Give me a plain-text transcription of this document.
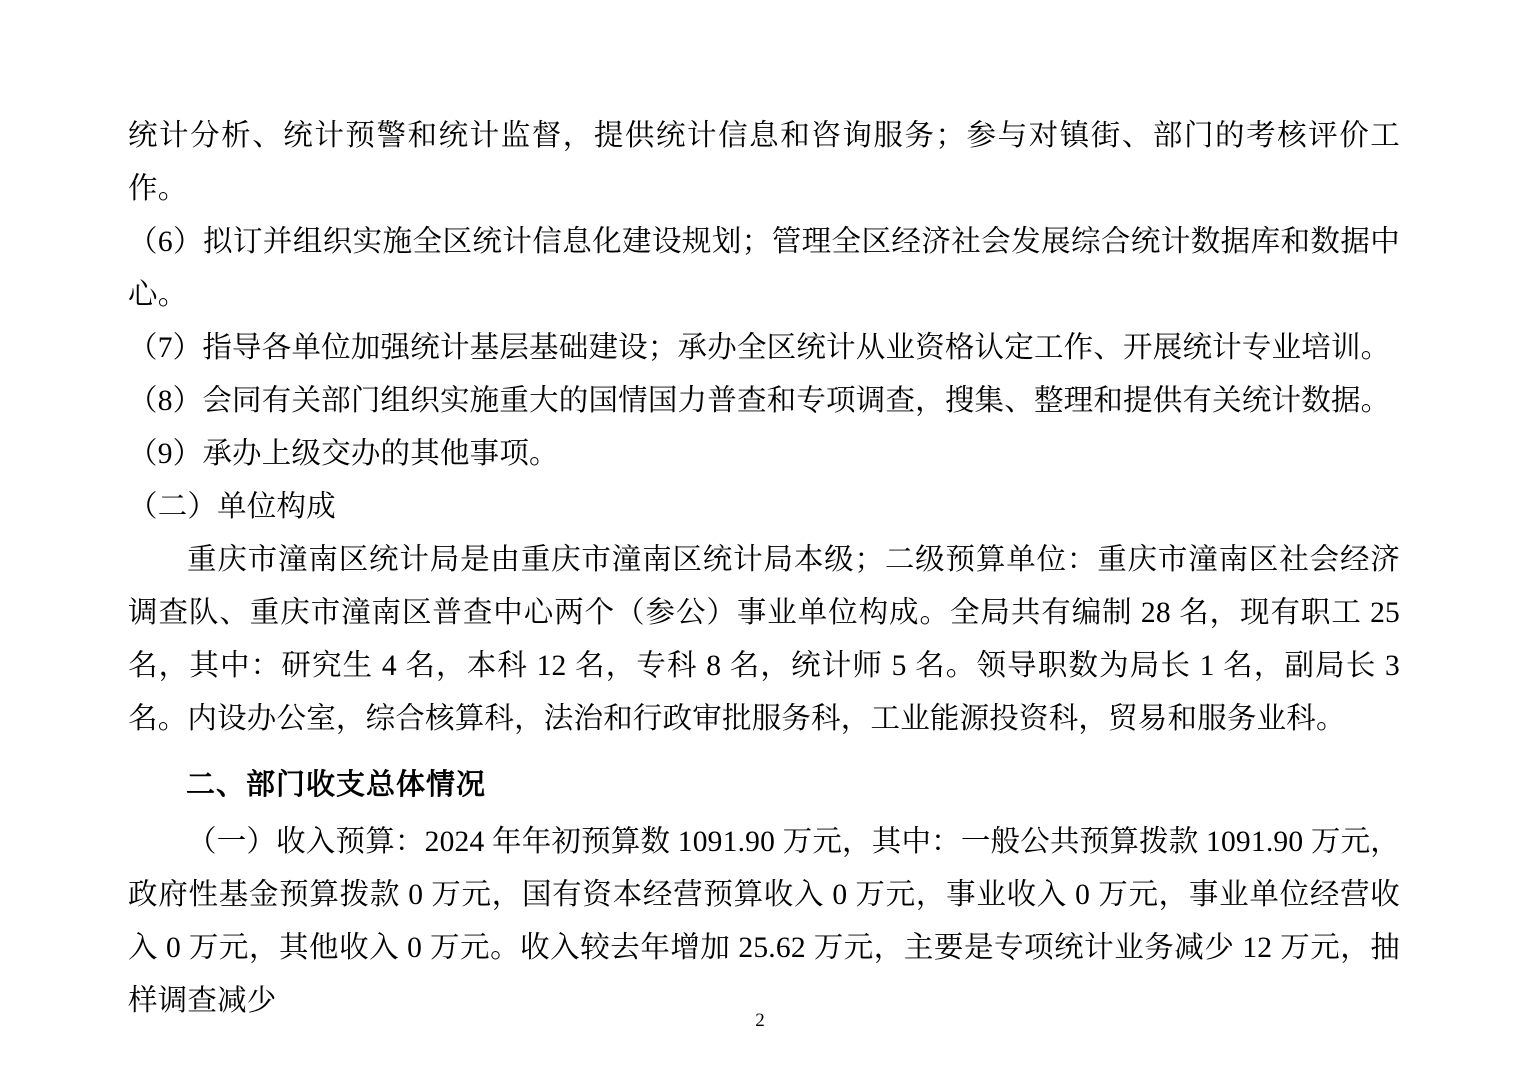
统计分析、统计预警和统计监督，提供统计信息和咨询服务；参与对镇街、部门的考核评价工作。

（6）拟订并组织实施全区统计信息化建设规划；管理全区经济社会发展综合统计数据库和数据中心。

（7）指导各单位加强统计基层基础建设；承办全区统计从业资格认定工作、开展统计专业培训。

（8）会同有关部门组织实施重大的国情国力普查和专项调查，搜集、整理和提供有关统计数据。

（9）承办上级交办的其他事项。

（二）单位构成

重庆市潼南区统计局是由重庆市潼南区统计局本级；二级预算单位：重庆市潼南区社会经济调查队、重庆市潼南区普查中心两个（参公）事业单位构成。全局共有编制 28 名，现有职工 25 名，其中：研究生 4 名，本科 12 名，专科 8 名，统计师 5 名。领导职数为局长 1 名，副局长 3 名。内设办公室，综合核算科，法治和行政审批服务科，工业能源投资科，贸易和服务业科。

二、部门收支总体情况

（一）收入预算：2024 年年初预算数 1091.90 万元，其中：一般公共预算拨款 1091.90 万元，政府性基金预算拨款 0 万元，国有资本经营预算收入 0 万元，事业收入 0 万元，事业单位经营收入 0 万元，其他收入 0 万元。收入较去年增加 25.62 万元，主要是专项统计业务减少 12 万元，抽样调查减少

2
